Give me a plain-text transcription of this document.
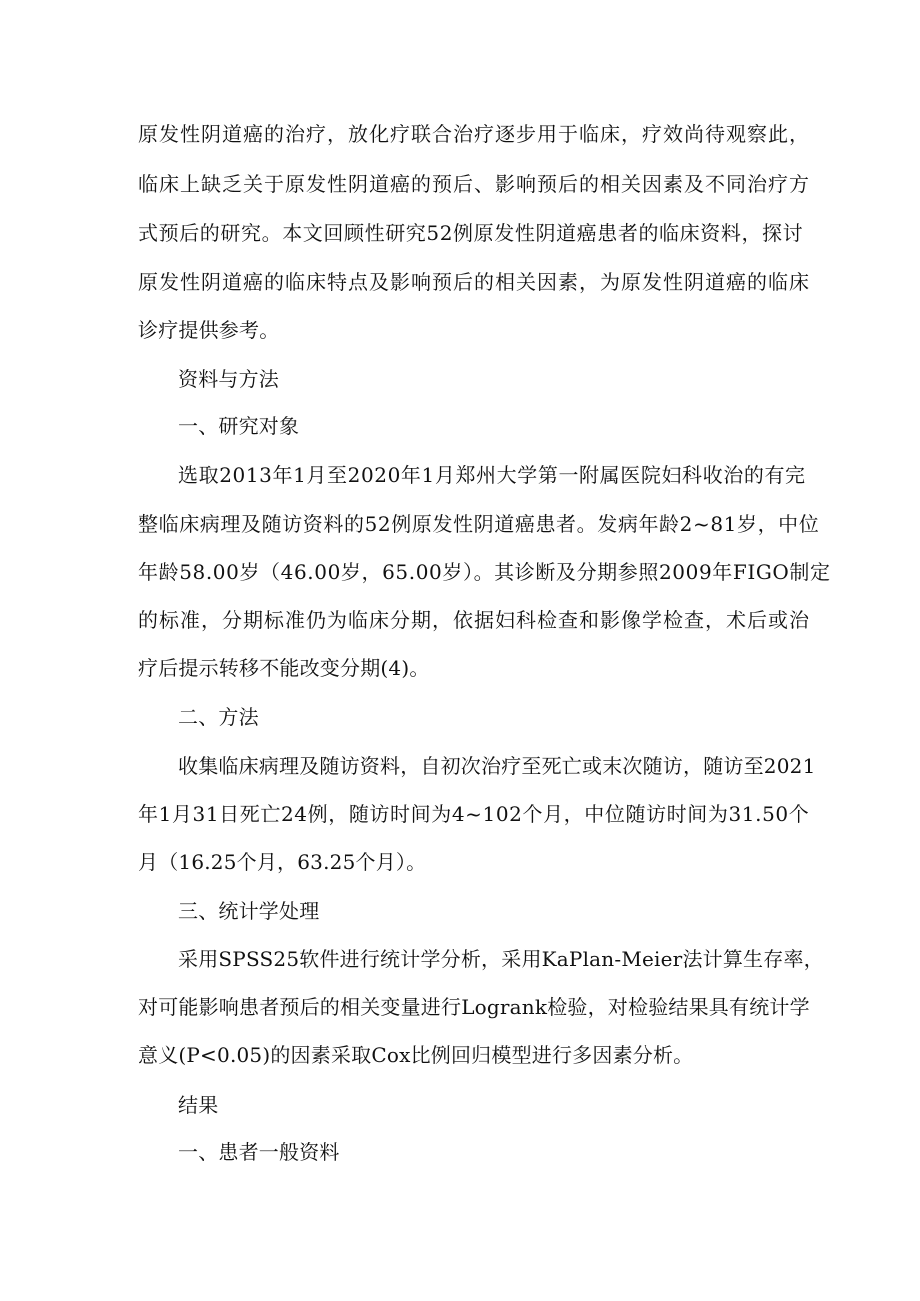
原发性阴道癌的治疗，放化疗联合治疗逐步用于临床，疗效尚待观察此，
临床上缺乏关于原发性阴道癌的预后、影响预后的相关因素及不同治疗方
式预后的研究。本文回顾性研究52例原发性阴道癌患者的临床资料，探讨
原发性阴道癌的临床特点及影响预后的相关因素，为原发性阴道癌的临床
诊疗提供参考。
资料与方法
一、研究对象
选取2013年1月至2020年1月郑州大学第一附属医院妇科收治的有完
整临床病理及随访资料的52例原发性阴道癌患者。发病年龄2~81岁，中位
年龄58.00岁（46.00岁，65.00岁）。其诊断及分期参照2009年FIGO制定
的标准，分期标准仍为临床分期，依据妇科检查和影像学检查，术后或治
疗后提示转移不能改变分期(4)。
二、方法
收集临床病理及随访资料，自初次治疗至死亡或末次随访，随访至2021
年1月31日死亡24例，随访时间为4~102个月，中位随访时间为31.50个
月（16.25个月，63.25个月）。
三、统计学处理
采用SPSS25软件进行统计学分析，采用KaPlan-Meier法计算生存率，
对可能影响患者预后的相关变量进行Logrank检验，对检验结果具有统计学
意义(P<0.05)的因素采取Cox比例回归模型进行多因素分析。
结果
一、患者一般资料
